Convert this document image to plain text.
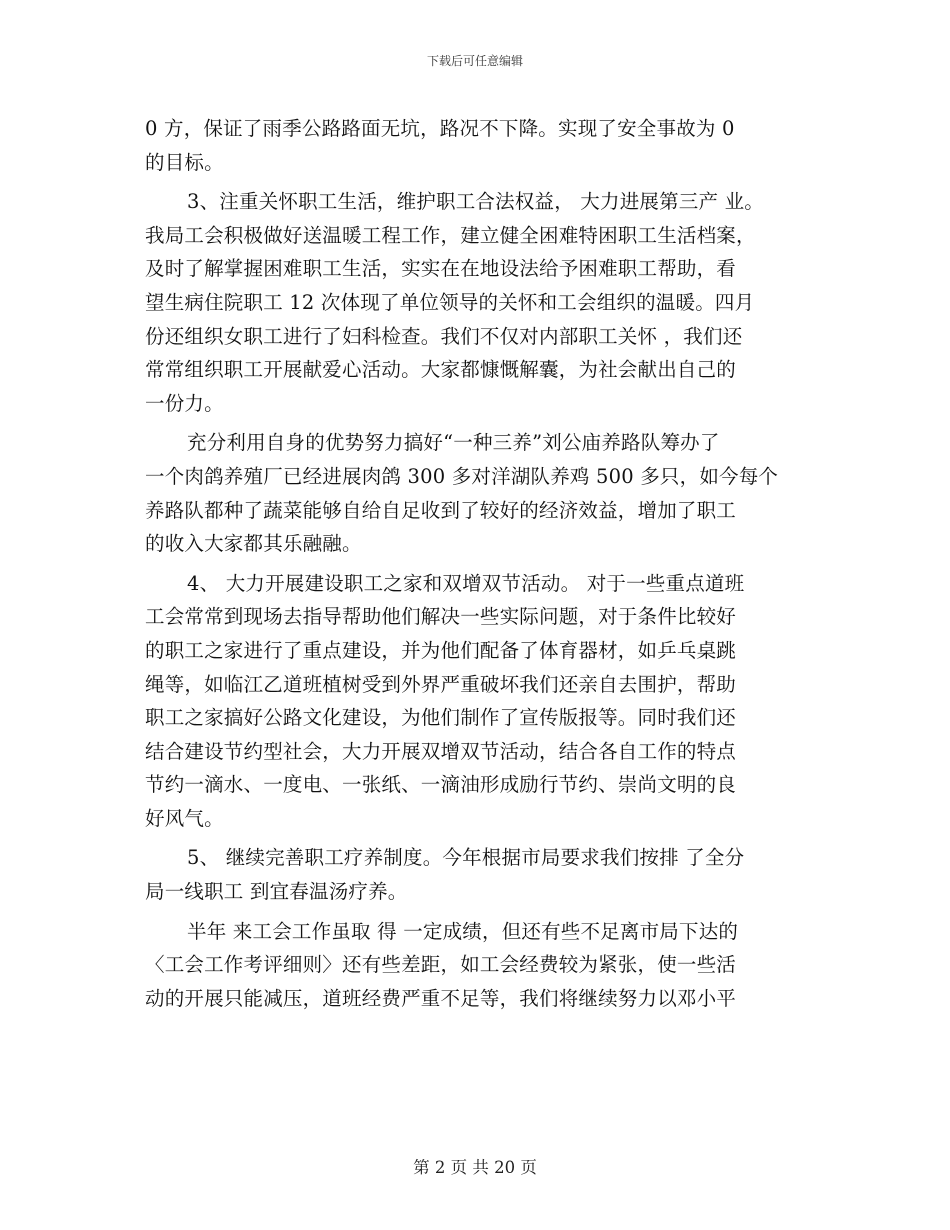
下载后可任意编辑
0 方，保证了雨季公路路面无坑，路况不下降。实现了安全事故为 0
的目标。
3、注重关怀职工生活，维护职工合法权益， 大力进展第三产 业。
我局工会积极做好送温暖工程工作，建立健全困难特困职工生活档案，
及时了解掌握困难职工生活，实实在在地设法给予困难职工帮助，看
望生病住院职工 12 次体现了单位领导的关怀和工会组织的温暖。四月
份还组织女职工进行了妇科检查。我们不仅对内部职工关怀 ，我们还
常常组织职工开展献爱心活动。大家都慷慨解囊，为社会献出自己的
一份力。
充分利用自身的优势努力搞好“一种三养”刘公庙养路队筹办了
一个肉鸽养殖厂已经进展肉鸽 300 多对洋湖队养鸡 500 多只，如今每个
养路队都种了蔬菜能够自给自足收到了较好的经济效益，增加了职工
的收入大家都其乐融融。
4、 大力开展建设职工之家和双增双节活动。 对于一些重点道班
工会常常到现场去指导帮助他们解决一些实际问题，对于条件比较好
的职工之家进行了重点建设，并为他们配备了体育器材，如乒乓桌跳
绳等，如临江乙道班植树受到外界严重破坏我们还亲自去围护，帮助
职工之家搞好公路文化建设，为他们制作了宣传版报等。同时我们还
结合建设节约型社会，大力开展双增双节活动，结合各自工作的特点
节约一滴水、一度电、一张纸、一滴油形成励行节约、崇尚文明的良
好风气。
5、 继续完善职工疗养制度。今年根据市局要求我们按排 了全分
局一线职工 到宜春温汤疗养。
半年 来工会工作虽取 得 一定成绩，但还有些不足离市局下达的
〈工会工作考评细则〉还有些差距，如工会经费较为紧张，使一些活
动的开展只能减压，道班经费严重不足等，我们将继续努力以邓小平
第 2 页 共 20 页
